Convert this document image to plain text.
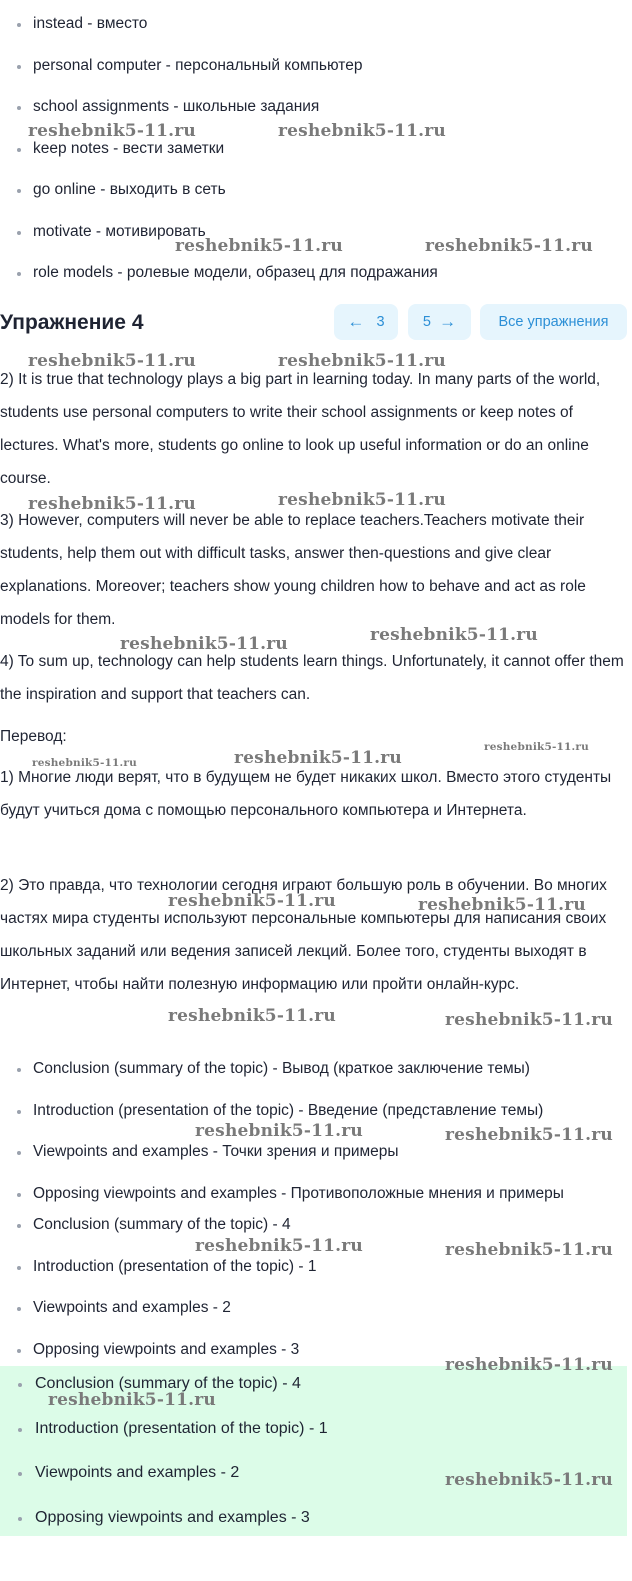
instead - вместо
personal computer - персональный компьютер
school assignments - школьные задания
keep notes - вести заметки
go online - выходить в сеть
motivate - мотивировать
role models - ролевые модели, образец для подражания
Упражнение 4	←
3	5
→	Все упражнения

2) It is true that technology plays a big part in learning today. In many parts of the world, students use personal computers to write their school assignments or keep notes of lectures. What's more, students go online to look up useful information or do an online course.

3) However, computers will never be able to replace teachers.Teachers motivate their students, help them out with difficult tasks, answer then-questions and give clear explanations. Moreover; teachers show young children how to behave and act as role models for them.

4) To sum up, technology can help students learn things. Unfortunately, it cannot offer them the inspiration and support that teachers can.

Перевод:

1) Многие люди верят, что в будущем не будет никаких школ. Вместо этого студенты будут учиться дома с помощью персонального компьютера и Интернета.

2) Это правда, что технологии сегодня играют большую роль в обучении. Во многих частях мира студенты используют персональные компьютеры для написания своих школьных заданий или ведения записей лекций. Более того, студенты выходят в Интернет, чтобы найти полезную информацию или пройти онлайн-курс.

Conclusion (summary of the topic) - Вывод (краткое заключение темы)
Introduction (presentation of the topic) - Введение (представление темы)
Viewpoints and examples - Точки зрения и примеры
Opposing viewpoints and examples - Противоположные мнения и примеры
Conclusion (summary of the topic) - 4
Introduction (presentation of the topic) - 1
Viewpoints and examples - 2
Opposing viewpoints and examples - 3
Conclusion (summary of the topic) - 4
Introduction (presentation of the topic) - 1
Viewpoints and examples - 2
Opposing viewpoints and examples - 3
reshebnik5-11.ru	reshebnik5-11.ru
reshebnik5-11.ru	reshebnik5-11.ru
reshebnik5-11.ru	reshebnik5-11.ru
reshebnik5-11.ru	reshebnik5-11.ru
reshebnik5-11.ru	reshebnik5-11.ru
reshebnik5-11.ru	reshebnik5-11.ru
reshebnik5-11.ru
reshebnik5-11.ru	reshebnik5-11.ru
reshebnik5-11.ru	reshebnik5-11.ru
reshebnik5-11.ru	reshebnik5-11.ru
reshebnik5-11.ru	reshebnik5-11.ru
reshebnik5-11.ru
reshebnik5-11.ru
reshebnik5-11.ru
